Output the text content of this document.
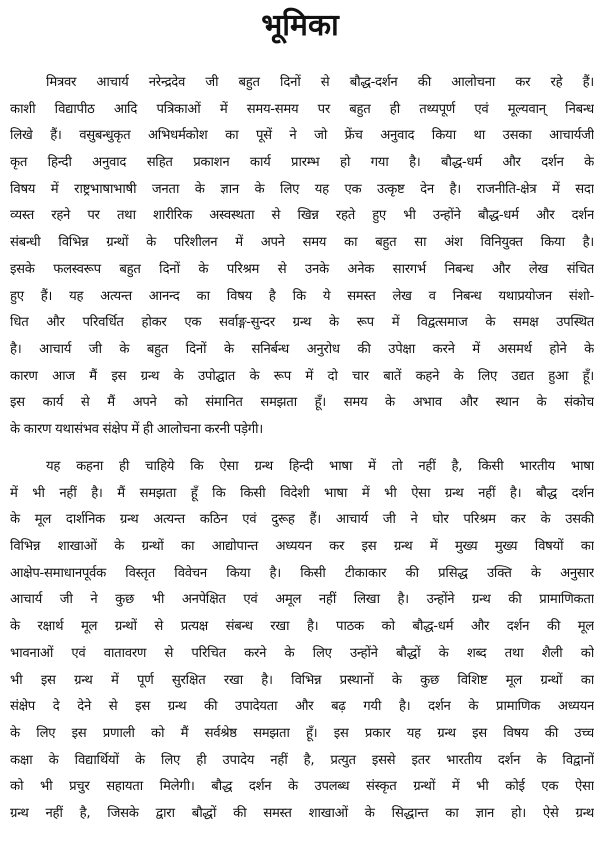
भूमिका
मित्रवर आचार्य नरेन्द्रदेव जी बहुत दिनों से बौद्ध-दर्शन की आलोचना कर रहे हैं।
काशी विद्यापीठ आदि पत्रिकाओं में समय-समय पर बहुत ही तथ्यपूर्ण एवं मूल्यवान् निबन्ध
लिखे हैं। वसुबन्धुकृत अभिधर्मकोश का पूसें ने जो फ्रेंच अनुवाद किया था उसका आचार्यजी
कृत हिन्दी अनुवाद सहित प्रकाशन कार्य प्रारम्भ हो गया है। बौद्ध-धर्म और दर्शन के
विषय में राष्ट्रभाषाभाषी जनता के ज्ञान के लिए यह एक उत्कृष्ट देन है। राजनीति-क्षेत्र में सदा
व्यस्त रहने पर तथा शारीरिक अस्वस्थता से खिन्न रहते हुए भी उन्होंने बौद्ध-धर्म और दर्शन
संबन्धी विभिन्न ग्रन्थों के परिशीलन में अपने समय का बहुत सा अंश विनियुक्त किया है।
इसके फलस्वरूप बहुत दिनों के परिश्रम से उनके अनेक सारगर्भ निबन्ध और लेख संचित
हुए हैं। यह अत्यन्त आनन्द का विषय है कि ये समस्त लेख व निबन्ध यथाप्रयोजन संशो-
धित और परिवर्धित होकर एक सर्वाङ्ग-सुन्दर ग्रन्थ के रूप में विद्वत्समाज के समक्ष उपस्थित
है। आचार्य जी के बहुत दिनों के सनिर्बन्ध अनुरोध की उपेक्षा करने में असमर्थ होने के
कारण आज मैं इस ग्रन्थ के उपोद्घात के रूप में दो चार बातें कहने के लिए उद्यत हुआ हूँ।
इस कार्य से मैं अपने को संमानित समझता हूँ। समय के अभाव और स्थान के संकोच
के कारण यथासंभव संक्षेप में ही आलोचना करनी पड़ेगी।
यह कहना ही चाहिये कि ऐसा ग्रन्थ हिन्दी भाषा में तो नहीं है, किसी भारतीय भाषा
में भी नहीं है। मैं समझता हूँ कि किसी विदेशी भाषा में भी ऐसा ग्रन्थ नहीं है। बौद्ध दर्शन
के मूल दार्शनिक ग्रन्थ अत्यन्त कठिन एवं दुरूह हैं। आचार्य जी ने घोर परिश्रम कर के उसकी
विभिन्न शाखाओं के ग्रन्थों का आद्योपान्त अध्ययन कर इस ग्रन्थ में मुख्य मुख्य विषयों का
आक्षेप-समाधानपूर्वक विस्तृत विवेचन किया है। किसी टीकाकार की प्रसिद्ध उक्ति के अनुसार
आचार्य जी ने कुछ भी अनपेक्षित एवं अमूल नहीं लिखा है। उन्होंने ग्रन्थ की प्रामाणिकता
के रक्षार्थ मूल ग्रन्थों से प्रत्यक्ष संबन्ध रखा है। पाठक को बौद्ध-धर्म और दर्शन की मूल
भावनाओं एवं वातावरण से परिचित करने के लिए उन्होंने बौद्धों के शब्द तथा शैली को
भी इस ग्रन्थ में पूर्ण सुरक्षित रखा है। विभिन्न प्रस्थानों के कुछ विशिष्ट मूल ग्रन्थों का
संक्षेप दे देने से इस ग्रन्थ की उपादेयता और बढ़ गयी है। दर्शन के प्रामाणिक अध्ययन
के लिए इस प्रणाली को मैं सर्वश्रेष्ठ समझता हूँ। इस प्रकार यह ग्रन्थ इस विषय की उच्च
कक्षा के विद्यार्थियों के लिए ही उपादेय नहीं है, प्रत्युत इससे इतर भारतीय दर्शन के विद्वानों
को भी प्रचुर सहायता मिलेगी। बौद्ध दर्शन के उपलब्ध संस्कृत ग्रन्थों में भी कोई एक ऐसा
ग्रन्थ नहीं है, जिसके द्वारा बौद्धों की समस्त शाखाओं के सिद्धान्त का ज्ञान हो। ऐसे ग्रन्थ
